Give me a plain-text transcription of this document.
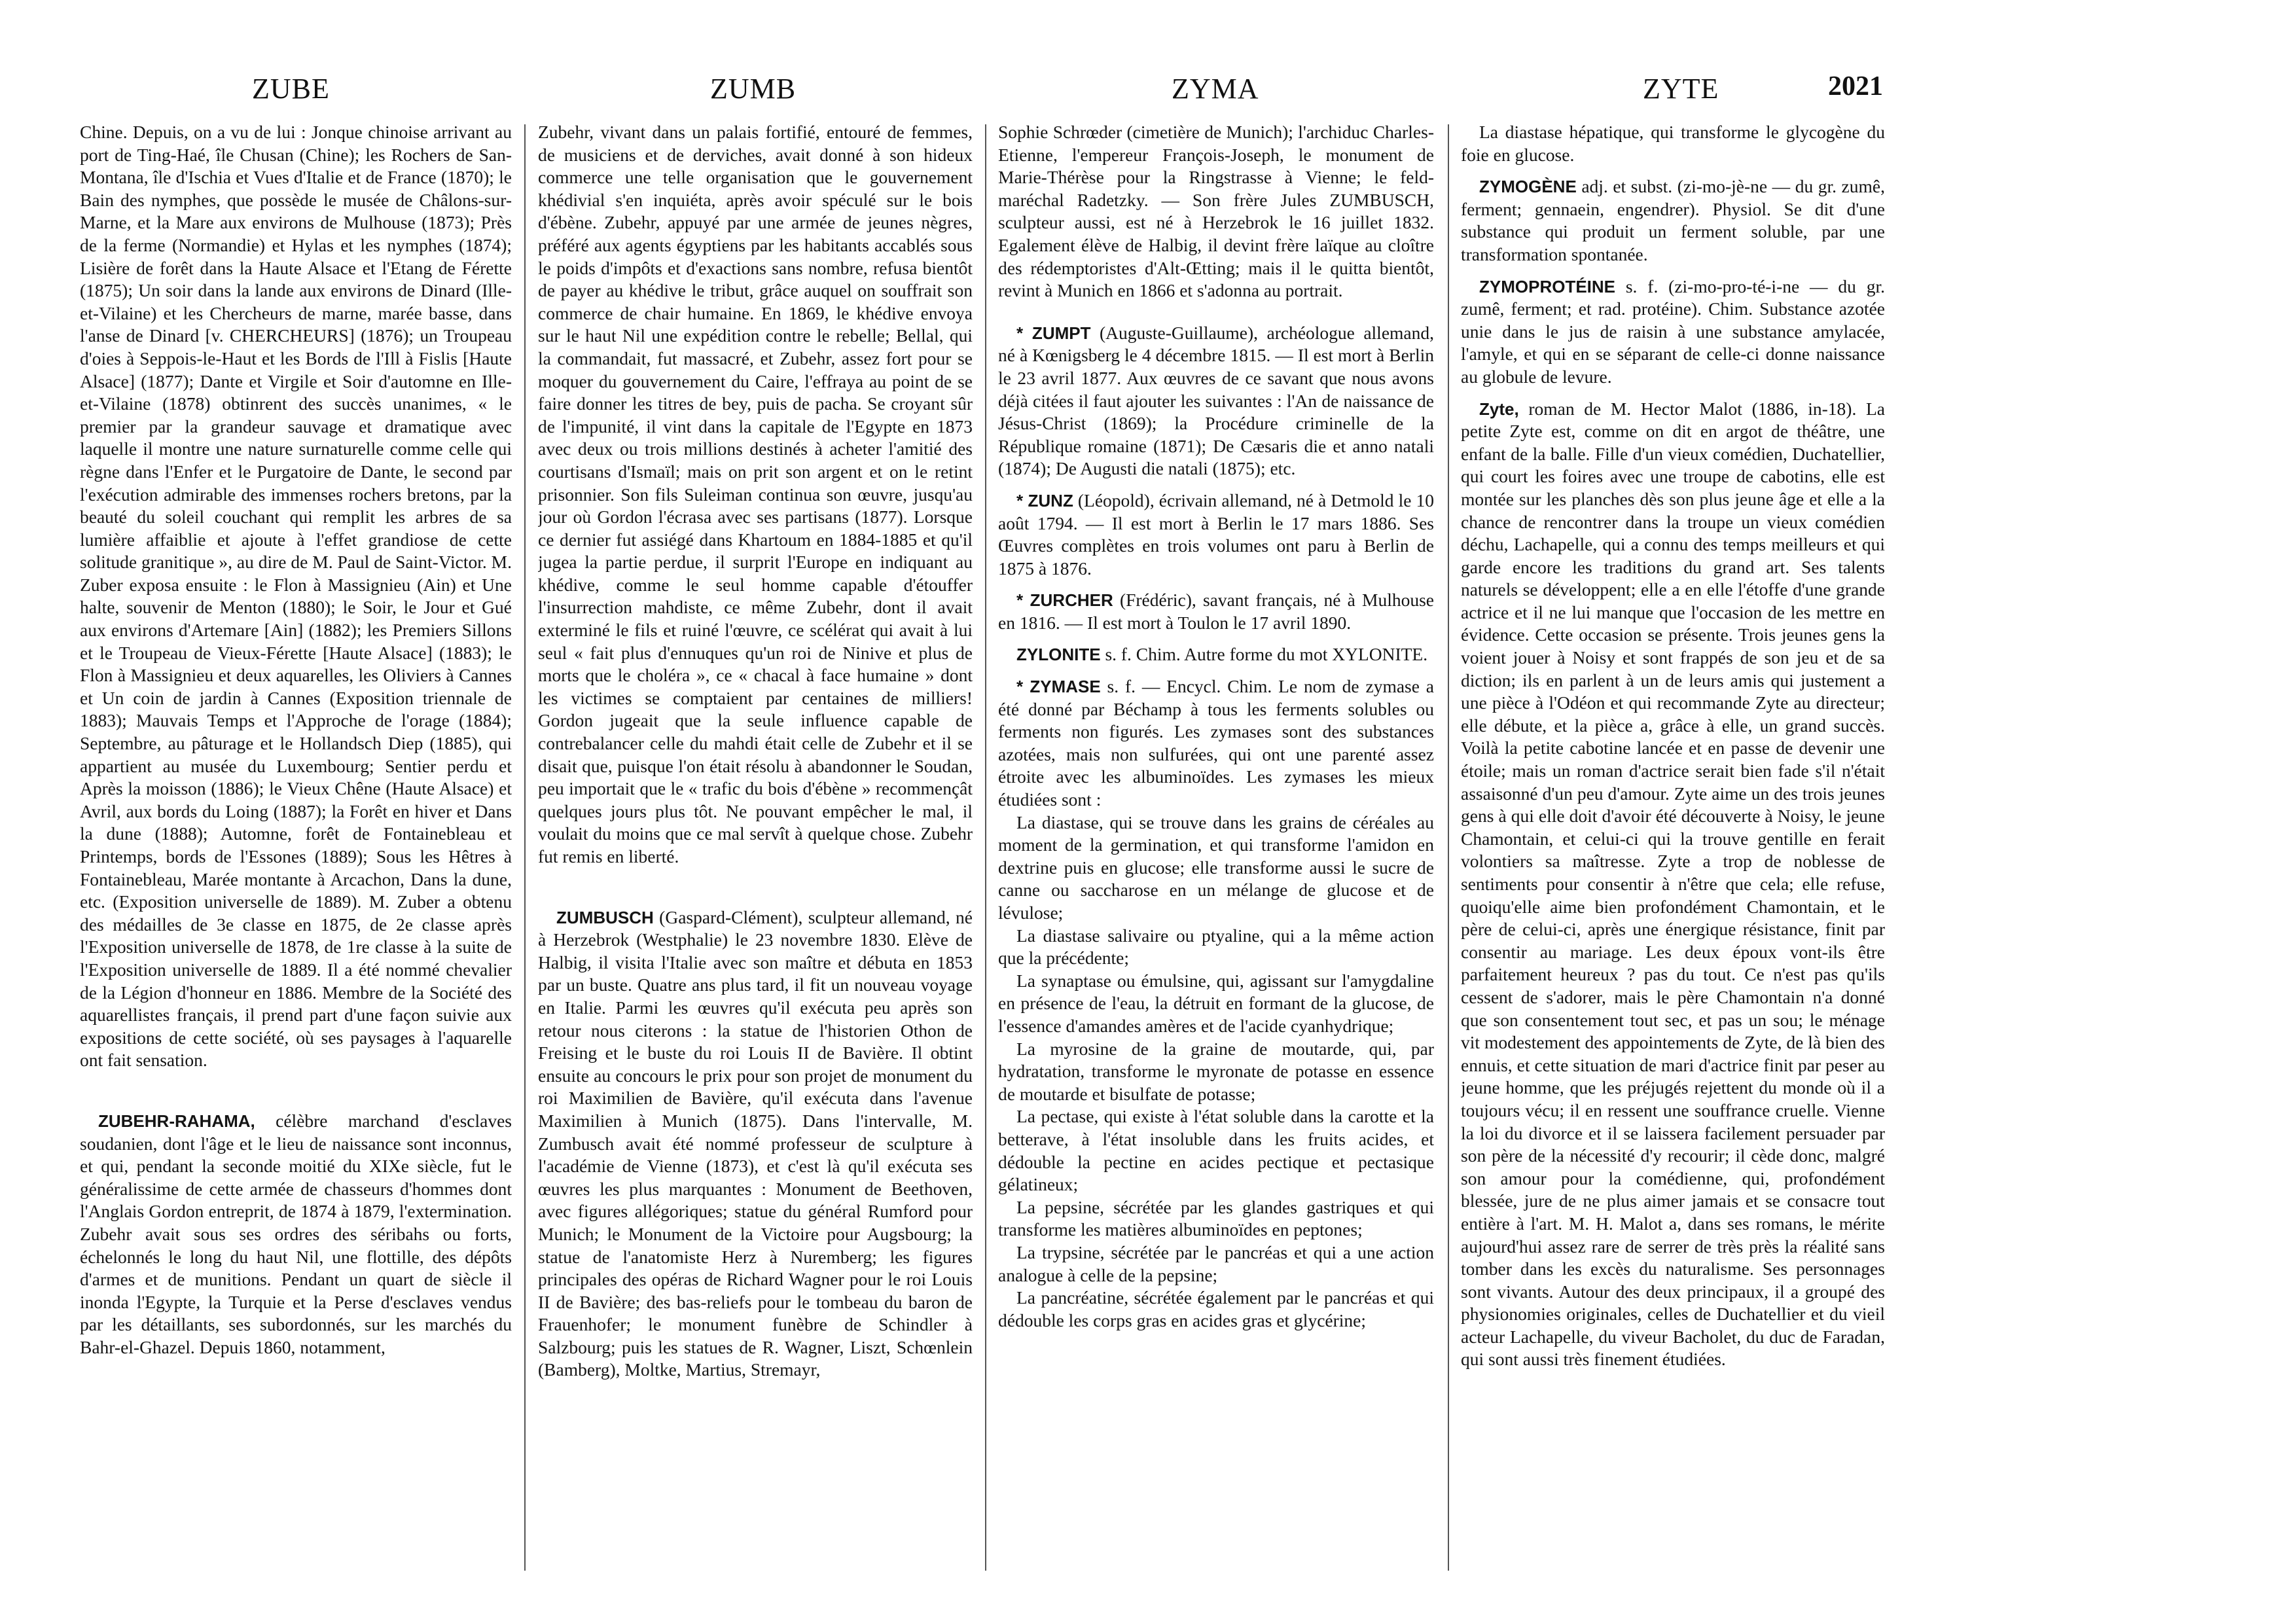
ZUBE	ZUMB	ZYMA	ZYTE	2021

Chine. Depuis, on a vu de lui : Jonque chinoise arrivant au port de Ting-Haé, île Chusan (Chine); les Rochers de San-Montana, île d'Ischia et Vues d'Italie et de France (1870); le Bain des nymphes, que possède le musée de Châlons-sur-Marne, et la Mare aux environs de Mulhouse (1873); Près de la ferme (Normandie) et Hylas et les nymphes (1874); Lisière de forêt dans la Haute Alsace et l'Etang de Férette (1875); Un soir dans la lande aux environs de Dinard (Ille-et-Vilaine) et les Chercheurs de marne, marée basse, dans l'anse de Dinard [v. CHERCHEURS] (1876); un Troupeau d'oies à Seppois-le-Haut et les Bords de l'Ill à Fislis [Haute Alsace] (1877); Dante et Virgile et Soir d'automne en Ille-et-Vilaine (1878) obtinrent des succès unanimes, « le premier par la grandeur sauvage et dramatique avec laquelle il montre une nature surnaturelle comme celle qui règne dans l'Enfer et le Purgatoire de Dante, le second par l'exécution admirable des immenses rochers bretons, par la beauté du soleil couchant qui remplit les arbres de sa lumière affaiblie et ajoute à l'effet grandiose de cette solitude granitique », au dire de M. Paul de Saint-Victor. M. Zuber exposa ensuite : le Flon à Massignieu (Ain) et Une halte, souvenir de Menton (1880); le Soir, le Jour et Gué aux environs d'Artemare [Ain] (1882); les Premiers Sillons et le Troupeau de Vieux-Férette [Haute Alsace] (1883); le Flon à Massignieu et deux aquarelles, les Oliviers à Cannes et Un coin de jardin à Cannes (Exposition triennale de 1883); Mauvais Temps et l'Approche de l'orage (1884); Septembre, au pâturage et le Hollandsch Diep (1885), qui appartient au musée du Luxembourg; Sentier perdu et Après la moisson (1886); le Vieux Chêne (Haute Alsace) et Avril, aux bords du Loing (1887); la Forêt en hiver et Dans la dune (1888); Automne, forêt de Fontainebleau et Printemps, bords de l'Essones (1889); Sous les Hêtres à Fontainebleau, Marée montante à Arcachon, Dans la dune, etc. (Exposition universelle de 1889). M. Zuber a obtenu des médailles de 3e classe en 1875, de 2e classe après l'Exposition universelle de 1878, de 1re classe à la suite de l'Exposition universelle de 1889. Il a été nommé chevalier de la Légion d'honneur en 1886. Membre de la Société des aquarellistes français, il prend part d'une façon suivie aux expositions de cette société, où ses paysages à l'aquarelle ont fait sensation.

ZUBEHR-RAHAMA, célèbre marchand d'esclaves soudanien, dont l'âge et le lieu de naissance sont inconnus, et qui, pendant la seconde moitié du XIXe siècle, fut le généralissime de cette armée de chasseurs d'hommes dont l'Anglais Gordon entreprit, de 1874 à 1879, l'extermination. Zubehr avait sous ses ordres des séribahs ou forts, échelonnés le long du haut Nil, une flottille, des dépôts d'armes et de munitions. Pendant un quart de siècle il inonda l'Egypte, la Turquie et la Perse d'esclaves vendus par les détaillants, ses subordonnés, sur les marchés du Bahr-el-Ghazel. Depuis 1860, notamment,

Zubehr, vivant dans un palais fortifié, entouré de femmes, de musiciens et de derviches, avait donné à son hideux commerce une telle organisation que le gouvernement khédivial s'en inquiéta, après avoir spéculé sur le bois d'ébène. Zubehr, appuyé par une armée de jeunes nègres, préféré aux agents égyptiens par les habitants accablés sous le poids d'impôts et d'exactions sans nombre, refusa bientôt de payer au khédive le tribut, grâce auquel on souffrait son commerce de chair humaine. En 1869, le khédive envoya sur le haut Nil une expédition contre le rebelle; Bellal, qui la commandait, fut massacré, et Zubehr, assez fort pour se moquer du gouvernement du Caire, l'effraya au point de se faire donner les titres de bey, puis de pacha. Se croyant sûr de l'impunité, il vint dans la capitale de l'Egypte en 1873 avec deux ou trois millions destinés à acheter l'amitié des courtisans d'Ismaïl; mais on prit son argent et on le retint prisonnier. Son fils Suleiman continua son œuvre, jusqu'au jour où Gordon l'écrasa avec ses partisans (1877). Lorsque ce dernier fut assiégé dans Khartoum en 1884-1885 et qu'il jugea la partie perdue, il surprit l'Europe en indiquant au khédive, comme le seul homme capable d'étouffer l'insurrection mahdiste, ce même Zubehr, dont il avait exterminé le fils et ruiné l'œuvre, ce scélérat qui avait à lui seul « fait plus d'ennuques qu'un roi de Ninive et plus de morts que le choléra », ce « chacal à face humaine » dont les victimes se comptaient par centaines de milliers! Gordon jugeait que la seule influence capable de contrebalancer celle du mahdi était celle de Zubehr et il se disait que, puisque l'on était résolu à abandonner le Soudan, peu importait que le « trafic du bois d'ébène » recommençât quelques jours plus tôt. Ne pouvant empêcher le mal, il voulait du moins que ce mal servît à quelque chose. Zubehr fut remis en liberté.

ZUMBUSCH (Gaspard-Clément), sculpteur allemand, né à Herzebrok (Westphalie) le 23 novembre 1830. Elève de Halbig, il visita l'Italie avec son maître et débuta en 1853 par un buste. Quatre ans plus tard, il fit un nouveau voyage en Italie. Parmi les œuvres qu'il exécuta peu après son retour nous citerons : la statue de l'historien Othon de Freising et le buste du roi Louis II de Bavière. Il obtint ensuite au concours le prix pour son projet de monument du roi Maximilien de Bavière, qu'il exécuta dans l'avenue Maximilien à Munich (1875). Dans l'intervalle, M. Zumbusch avait été nommé professeur de sculpture à l'académie de Vienne (1873), et c'est là qu'il exécuta ses œuvres les plus marquantes : Monument de Beethoven, avec figures allégoriques; statue du général Rumford pour Munich; le Monument de la Victoire pour Augsbourg; la statue de l'anatomiste Herz à Nuremberg; les figures principales des opéras de Richard Wagner pour le roi Louis II de Bavière; des bas-reliefs pour le tombeau du baron de Frauenhofer; le monument funèbre de Schindler à Salzbourg; puis les statues de R. Wagner, Liszt, Schœnlein (Bamberg), Moltke, Martius, Stremayr,

Sophie Schrœder (cimetière de Munich); l'archiduc Charles-Etienne, l'empereur François-Joseph, le monument de Marie-Thérèse pour la Ringstrasse à Vienne; le feld-maréchal Radetzky. — Son frère Jules ZUMBUSCH, sculpteur aussi, est né à Herzebrok le 16 juillet 1832. Egalement élève de Halbig, il devint frère laïque au cloître des rédemptoristes d'Alt-Œtting; mais il le quitta bientôt, revint à Munich en 1866 et s'adonna au portrait.

* ZUMPT (Auguste-Guillaume), archéologue allemand, né à Kœnigsberg le 4 décembre 1815. — Il est mort à Berlin le 23 avril 1877. Aux œuvres de ce savant que nous avons déjà citées il faut ajouter les suivantes : l'An de naissance de Jésus-Christ (1869); la Procédure criminelle de la République romaine (1871); De Cæsaris die et anno natali (1874); De Augusti die natali (1875); etc.

* ZUNZ (Léopold), écrivain allemand, né à Detmold le 10 août 1794. — Il est mort à Berlin le 17 mars 1886. Ses Œuvres complètes en trois volumes ont paru à Berlin de 1875 à 1876.

* ZURCHER (Frédéric), savant français, né à Mulhouse en 1816. — Il est mort à Toulon le 17 avril 1890.

ZYLONITE s. f. Chim. Autre forme du mot XYLONITE.

* ZYMASE s. f. — Encycl. Chim. Le nom de zymase a été donné par Béchamp à tous les ferments solubles ou ferments non figurés. Les zymases sont des substances azotées, mais non sulfurées, qui ont une parenté assez étroite avec les albuminoïdes. Les zymases les mieux étudiées sont :

La diastase, qui se trouve dans les grains de céréales au moment de la germination, et qui transforme l'amidon en dextrine puis en glucose; elle transforme aussi le sucre de canne ou saccharose en un mélange de glucose et de lévulose;

La diastase salivaire ou ptyaline, qui a la même action que la précédente;

La synaptase ou émulsine, qui, agissant sur l'amygdaline en présence de l'eau, la détruit en formant de la glucose, de l'essence d'amandes amères et de l'acide cyanhydrique;

La myrosine de la graine de moutarde, qui, par hydratation, transforme le myronate de potasse en essence de moutarde et bisulfate de potasse;

La pectase, qui existe à l'état soluble dans la carotte et la betterave, à l'état insoluble dans les fruits acides, et dédouble la pectine en acides pectique et pectasique gélatineux;

La pepsine, sécrétée par les glandes gastriques et qui transforme les matières albuminoïdes en peptones;

La trypsine, sécrétée par le pancréas et qui a une action analogue à celle de la pepsine;

La pancréatine, sécrétée également par le pancréas et qui dédouble les corps gras en acides gras et glycérine;

La diastase hépatique, qui transforme le glycogène du foie en glucose.

ZYMOGÈNE adj. et subst. (zi-mo-jè-ne — du gr. zumê, ferment; gennaein, engendrer). Physiol. Se dit d'une substance qui produit un ferment soluble, par une transformation spontanée.

ZYMOPROTÉINE s. f. (zi-mo-pro-té-i-ne — du gr. zumê, ferment; et rad. protéine). Chim. Substance azotée unie dans le jus de raisin à une substance amylacée, l'amyle, et qui en se séparant de celle-ci donne naissance au globule de levure.

Zyte, roman de M. Hector Malot (1886, in-18). La petite Zyte est, comme on dit en argot de théâtre, une enfant de la balle. Fille d'un vieux comédien, Duchatellier, qui court les foires avec une troupe de cabotins, elle est montée sur les planches dès son plus jeune âge et elle a la chance de rencontrer dans la troupe un vieux comédien déchu, Lachapelle, qui a connu des temps meilleurs et qui garde encore les traditions du grand art. Ses talents naturels se développent; elle a en elle l'étoffe d'une grande actrice et il ne lui manque que l'occasion de les mettre en évidence. Cette occasion se présente. Trois jeunes gens la voient jouer à Noisy et sont frappés de son jeu et de sa diction; ils en parlent à un de leurs amis qui justement a une pièce à l'Odéon et qui recommande Zyte au directeur; elle débute, et la pièce a, grâce à elle, un grand succès. Voilà la petite cabotine lancée et en passe de devenir une étoile; mais un roman d'actrice serait bien fade s'il n'était assaisonné d'un peu d'amour. Zyte aime un des trois jeunes gens à qui elle doit d'avoir été découverte à Noisy, le jeune Chamontain, et celui-ci qui la trouve gentille en ferait volontiers sa maîtresse. Zyte a trop de noblesse de sentiments pour consentir à n'être que cela; elle refuse, quoiqu'elle aime bien profondément Chamontain, et le père de celui-ci, après une énergique résistance, finit par consentir au mariage. Les deux époux vont-ils être parfaitement heureux ? pas du tout. Ce n'est pas qu'ils cessent de s'adorer, mais le père Chamontain n'a donné que son consentement tout sec, et pas un sou; le ménage vit modestement des appointements de Zyte, de là bien des ennuis, et cette situation de mari d'actrice finit par peser au jeune homme, que les préjugés rejettent du monde où il a toujours vécu; il en ressent une souffrance cruelle. Vienne la loi du divorce et il se laissera facilement persuader par son père de la nécessité d'y recourir; il cède donc, malgré son amour pour la comédienne, qui, profondément blessée, jure de ne plus aimer jamais et se consacre tout entière à l'art. M. H. Malot a, dans ses romans, le mérite aujourd'hui assez rare de serrer de très près la réalité sans tomber dans les excès du naturalisme. Ses personnages sont vivants. Autour des deux principaux, il a groupé des physionomies originales, celles de Duchatellier et du vieil acteur Lachapelle, du viveur Bacholet, du duc de Faradan, qui sont aussi très finement étudiées.
